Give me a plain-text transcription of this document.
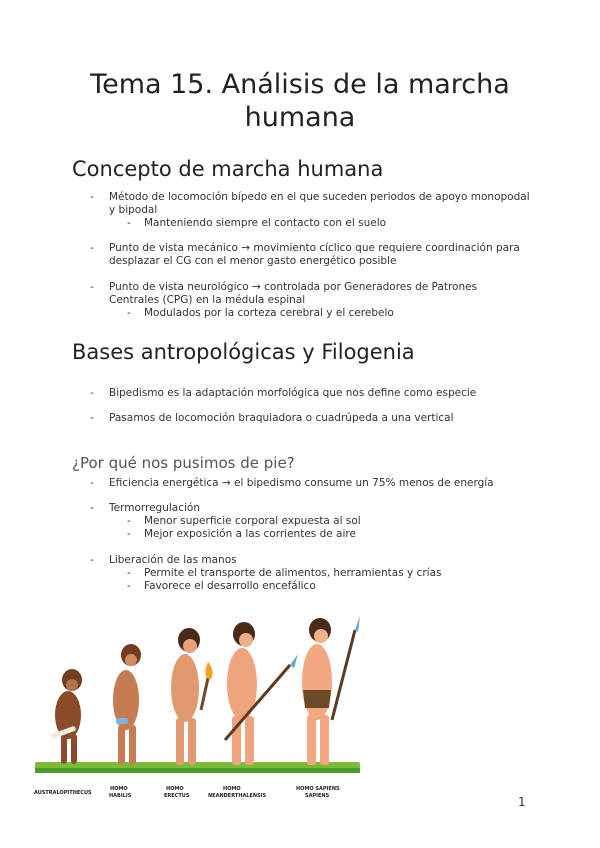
Tema 15. Análisis de la marcha humana
Concepto de marcha humana
- Método de locomoción bípedo en el que suceden periodos de apoyo monopodal y bipodal
- Manteniendo siempre el contacto con el suelo
- Punto de vista mecánico → movimiento cíclico que requiere coordinación para desplazar el CG con el menor gasto energético posible
- Punto de vista neurológico → controlada por Generadores de Patrones Centrales (CPG) en la médula espinal
- Modulados por la corteza cerebral y el cerebelo
Bases antropológicas y Filogenia
- Bipedismo es la adaptación morfológica que nos define como especie
- Pasamos de locomoción braquiadora o cuadrúpeda a una vertical
¿Por qué nos pusimos de pie?
- Eficiencia energética → el bipedismo consume un 75% menos de energía
- Termorregulación
- Menor superficie corporal expuesta al sol
- Mejor exposición a las corrientes de aire
- Liberación de las manos
- Permite el transporte de alimentos, herramientas y crías
- Favorece el desarrollo encefálico
AUSTRALOPITHECUS
HOMO
HABILIS
HOMO
ERECTUS
HOMO
NEANDERTHALENSIS
HOMO SAPIENS
SAPIENS	1
